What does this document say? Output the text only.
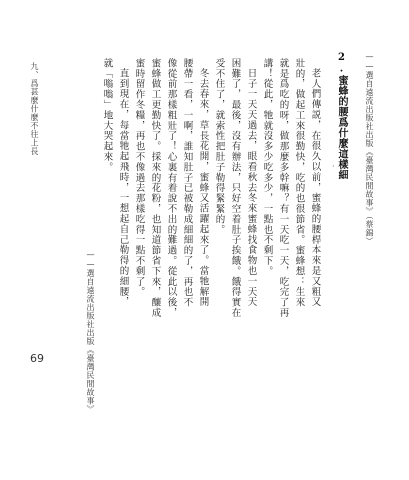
——選自遠流出版社出版《臺灣民間故事》（蔡錦）
2.蜜蜂的腰爲什麼這樣細
老人們傳説，在很久以前，蜜蜂的腰桿本來是又粗又
壯的，做起工來很勤快，吃的也很節省。蜜蜂想：生來
就是爲吃的呀，做那麼多幹嘛？有一天吃一天，吃完了再
講！從此，牠就沒多少吃多少，一點也不剩下。
日子一天天過去，眼看秋去冬來蜜蜂找食物也一天天
困難了，最後，沒有辦法，只好空着肚子挨餓。餓得實在
受不住了，就索性把肚子勒得緊緊的。
冬去春來，草長花開，蜜蜂又活躍起來了。當牠解開
腰帶一看，一啊，誰知肚子已被勒成細細的了，再也不
像從前那樣粗壯了！心裏有着說不出的難過。從此以後，
蜜蜂做工更勤快了。採來的花粉，也知道節省下來，釀成
蜜時留作冬糧，再也不像過去那樣吃得一點不剩了。
直到現在，每當牠起飛時，一想起自己勒得的細腰，
就「嗡嗡」地大哭起來。
——選自遠流出版社出版《臺灣民間故事》
九、爲甚麼什麼不往上長
69
·
